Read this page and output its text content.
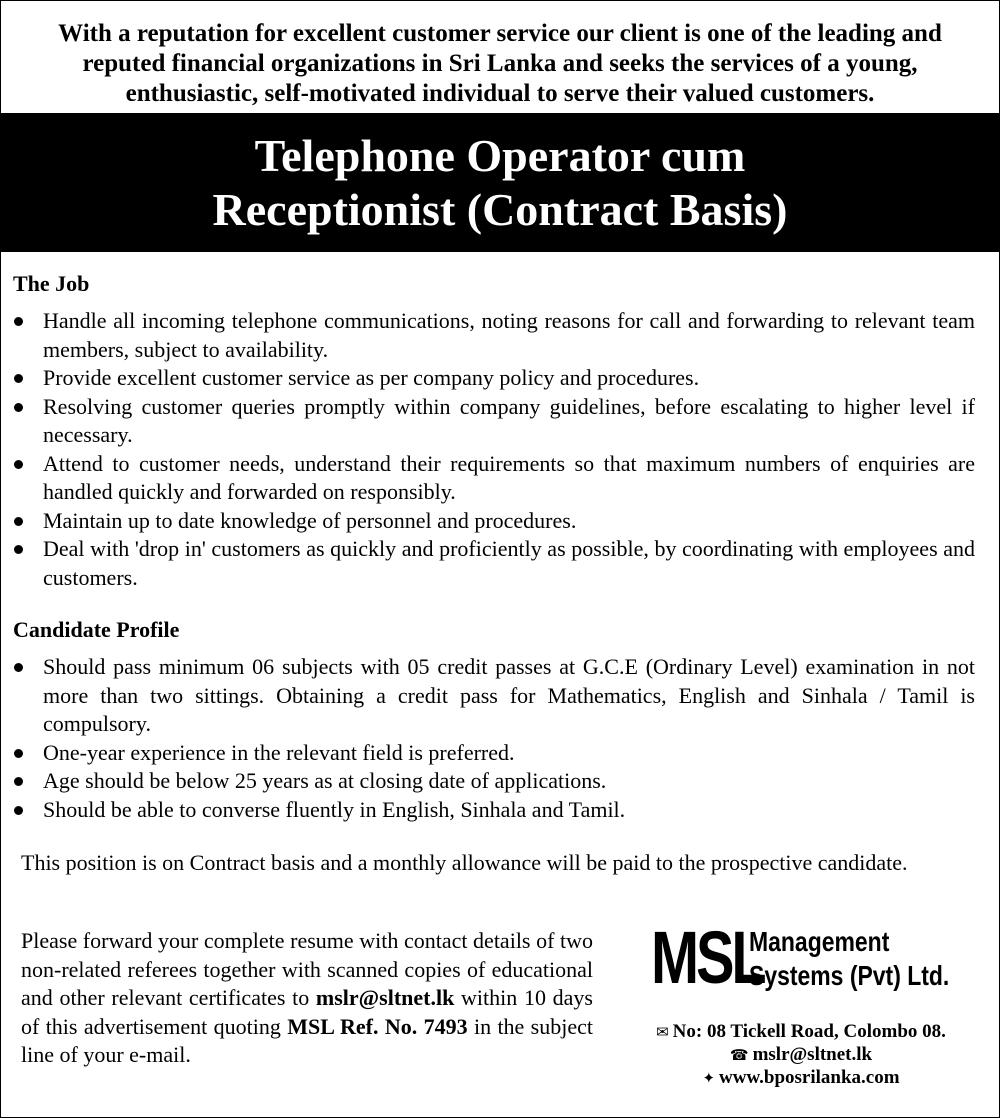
With a reputation for excellent customer service our client is one of the leading and reputed financial organizations in Sri Lanka and seeks the services of a young, enthusiastic, self-motivated individual to serve their valued customers.
Telephone Operator cum
Receptionist (Contract Basis)
The Job
Handle all incoming telephone communications, noting reasons for call and forwarding to relevant team members, subject to availability.
Provide excellent customer service as per company policy and procedures.
Resolving customer queries promptly within company guidelines, before escalating to higher level if necessary.
Attend to customer needs, understand their requirements so that maximum numbers of enquiries are handled quickly and forwarded on responsibly.
Maintain up to date knowledge of personnel and procedures.
Deal with 'drop in' customers as quickly and proficiently as possible, by coordinating with employees and customers.
Candidate Profile
Should pass minimum 06 subjects with 05 credit passes at G.C.E (Ordinary Level) examination in not more than two sittings. Obtaining a credit pass for Mathematics, English and Sinhala / Tamil is compulsory.
One-year experience in the relevant field is preferred.
Age should be below 25 years as at closing date of applications.
Should be able to converse fluently in English, Sinhala and Tamil.
This position is on Contract basis and a monthly allowance will be paid to the prospective candidate.
Please forward your complete resume with contact details of two non-related referees together with scanned copies of educational and other relevant certificates to mslr@sltnet.lk within 10 days of this advertisement quoting MSL Ref. No. 7493 in the subject line of your e-mail.
MSL
Management
Systems (Pvt) Ltd.
✉ No: 08 Tickell Road, Colombo 08.
☎ mslr@sltnet.lk
✦ www.bposrilanka.com
